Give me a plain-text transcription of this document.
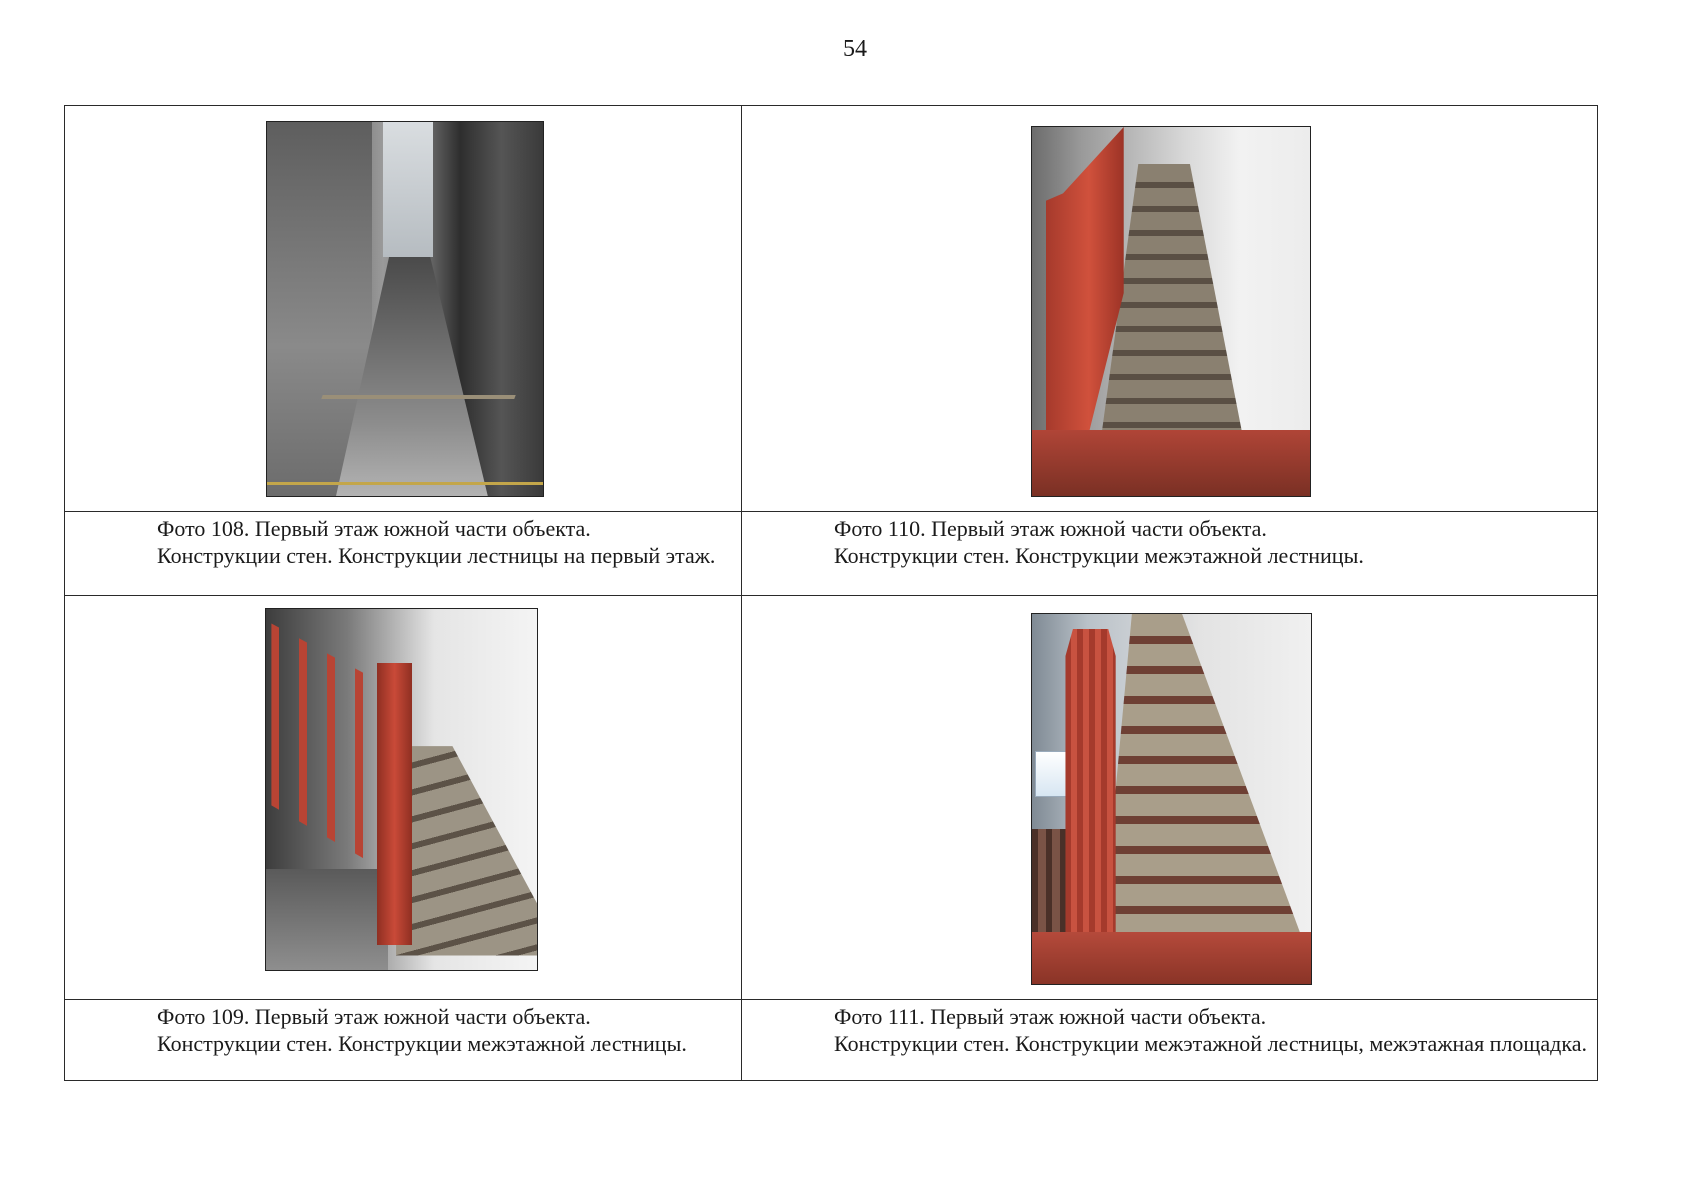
54
Фото 108. Первый этаж южной части объекта.
Конструкции стен. Конструкции лестницы на первый этаж.
Фото 110. Первый этаж южной части объекта.
Конструкции стен. Конструкции межэтажной лестницы.
Фото 109. Первый этаж южной части объекта.
Конструкции стен. Конструкции межэтажной лестницы.
Фото 111. Первый этаж южной части объекта.
Конструкции стен. Конструкции межэтажной лестницы, межэтажная площадка.
